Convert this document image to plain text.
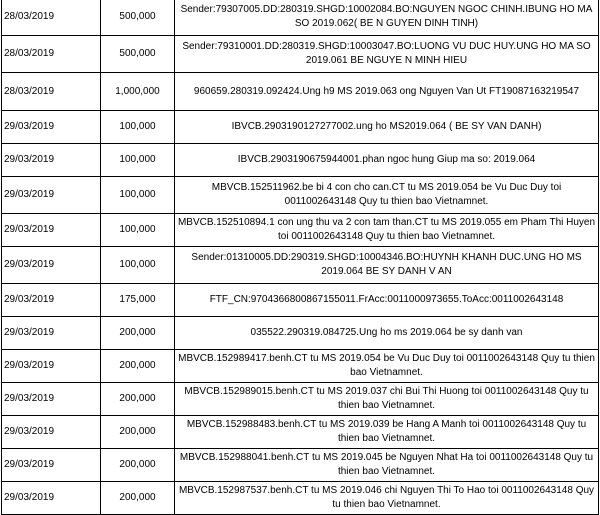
28/03/2019	500,000	Sender:79307005.DD:280319.SHGD:10002084.BO:NGUYEN NGOC CHINH.IBUNG HO MA SO 2019.062( BE N GUYEN DINH TINH)
28/03/2019	500,000	Sender:79310001.DD:280319.SHGD:10003047.BO:LUONG VU DUC HUY.UNG HO MA SO 2019.061 BE NGUYE N MINH HIEU
28/03/2019	1,000,000	960659.280319.092424.Ung h9 MS 2019.063 ong Nguyen Van Ut FT19087163219547
29/03/2019	100,000	IBVCB.2903190127277002.ung ho MS2019.064 ( BE SY VAN DANH)
29/03/2019	100,000	IBVCB.2903190675944001.phan ngoc hung Giup ma so: 2019.064
29/03/2019	100,000	MBVCB.152511962.be bi 4 con cho can.CT tu MS 2019.054 be Vu Duc Duy toi 0011002643148 Quy tu thien bao Vietnamnet.
29/03/2019	100,000	MBVCB.152510894.1 con ung thu va 2 con tam than.CT tu MS 2019.055 em Pham Thi Huyen toi 0011002643148 Quy tu thien bao Vietnamnet.
29/03/2019	100,000	Sender:01310005.DD:290319.SHGD:10004346.BO:HUYNH KHANH DUC.UNG HO MS 2019.064 BE SY DANH V AN
29/03/2019	175,000	FTF_CN:9704366800867155011.FrAcc:0011000973655.ToAcc:0011002643148
29/03/2019	200,000	035522.290319.084725.Ung ho ms 2019.064 be sy danh van
29/03/2019	200,000	MBVCB.152989417.benh.CT tu MS 2019.054 be Vu Duc Duy toi 0011002643148 Quy tu thien bao Vietnamnet.
29/03/2019	200,000	MBVCB.152989015.benh.CT tu MS 2019.037 chi Bui Thi Huong toi 0011002643148 Quy tu thien bao Vietnamnet.
29/03/2019	200,000	MBVCB.152988483.benh.CT tu MS 2019.039 be Hang A Manh toi 0011002643148 Quy tu thien bao Vietnamnet.
29/03/2019	200,000	MBVCB.152988041.benh.CT tu MS 2019.045 be Nguyen Nhat Ha toi 0011002643148 Quy tu thien bao Vietnamnet.
29/03/2019	200,000	MBVCB.152987537.benh.CT tu MS 2019.046 chi Nguyen Thi To Hao toi 0011002643148 Quy tu thien bao Vietnamnet.
